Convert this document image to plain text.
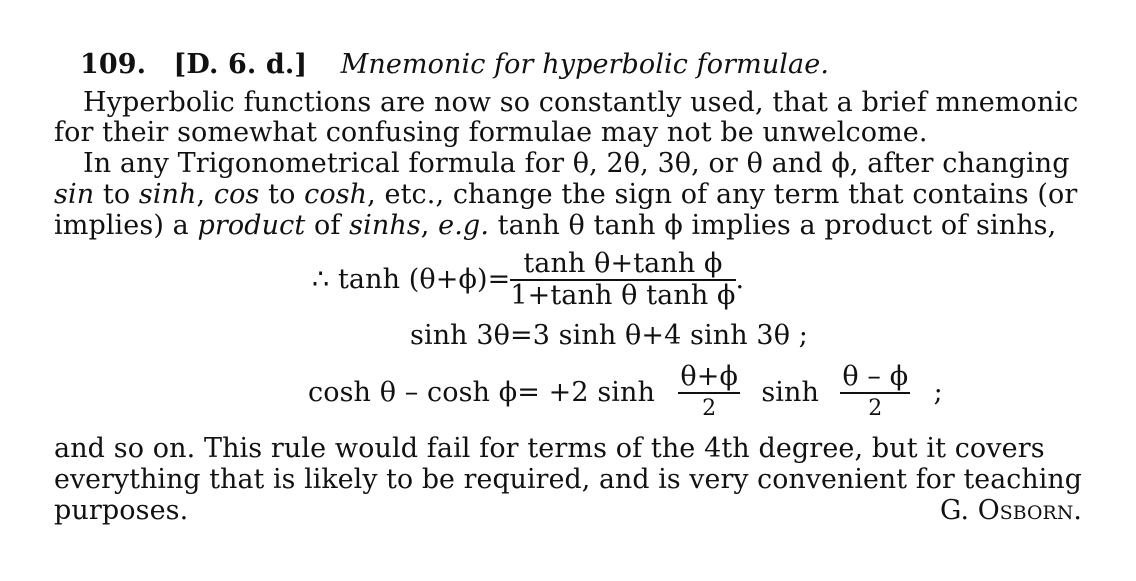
109. [D. 6. d.] Mnemonic for hyperbolic formulae.
Hyperbolic functions are now so constantly used, that a brief mnemonic
for their somewhat confusing formulae may not be unwelcome.
In any Trigonometrical formula for θ, 2θ, 3θ, or θ and ϕ, after changing
sin to sinh, cos to cosh, etc., change the sign of any term that contains (or
implies) a product of sinhs, e.g. tanh θ tanh ϕ implies a product of sinhs,
∴ $\tanh (\theta+\phi)= \frac{\text{tanh θ+tanh ϕ}}{\text{1+tanh θ tanh ϕ}}$ .
sinh 3θ=3 sinh θ+4 sinh 3θ ;
cosh θ – cosh ϕ= +2 $\sinh \frac{\theta+\phi}{2}$ $\sinh \frac{\theta - \phi}{2}$ ;
and so on. This rule would fail for terms of the 4th degree, but it covers
everything that is likely to be required, and is very convenient for teaching
purposes.	G. Osborn.
